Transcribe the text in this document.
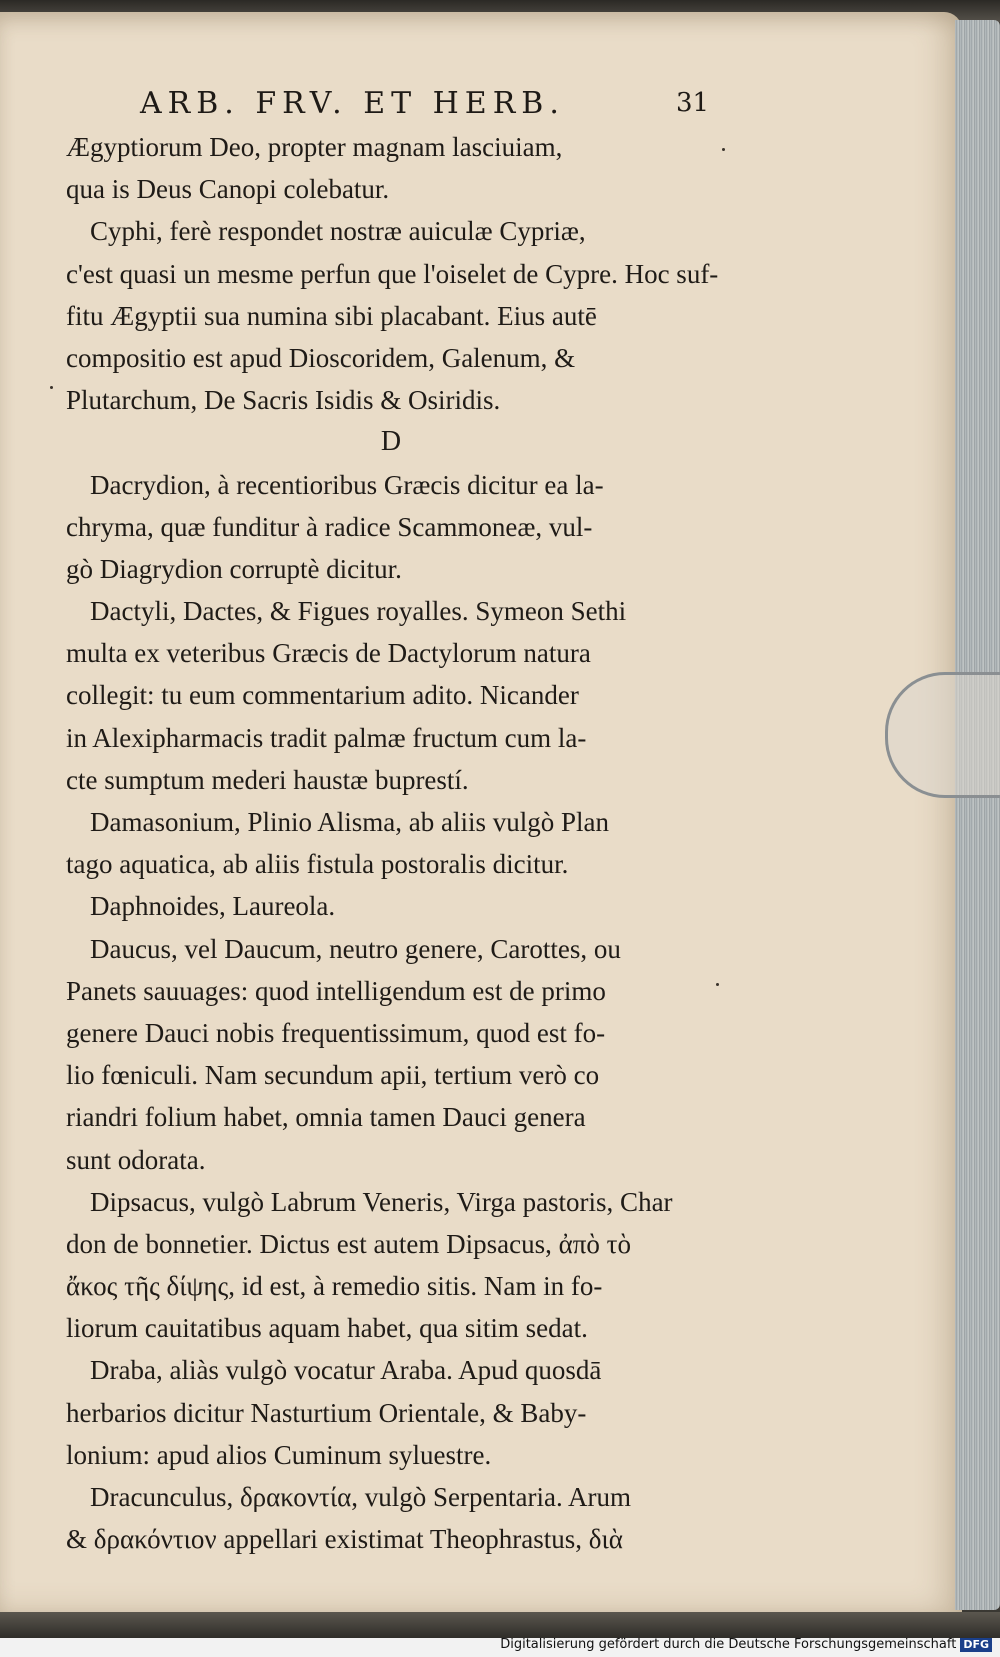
ARB. FRV. ET HERB.	31
Ægyptiorum Deo, propter magnam lasciuiam,
qua is Deus Canopi colebatur.
Cyphi, ferè respondet nostræ auiculæ Cypriæ,
c'est quasi un mesme perfun que l'oiselet de Cypre. Hoc suf-
fitu Ægyptii sua numina sibi placabant. Eius autē
compositio est apud Dioscoridem, Galenum, &
Plutarchum, De Sacris Isidis & Osiridis.
D
Dacrydion, à recentioribus Græcis dicitur ea la-
chryma, quæ funditur à radice Scammoneæ, vul-
gò Diagrydion corruptè dicitur.
Dactyli, Dactes, & Figues royalles. Symeon Sethi
multa ex veteribus Græcis de Dactylorum natura
collegit: tu eum commentarium adito. Nicander
in Alexipharmacis tradit palmæ fructum cum la-
cte sumptum mederi haustæ buprestí.
Damasonium, Plinio Alisma, ab aliis vulgò Plan
tago aquatica, ab aliis fistula postoralis dicitur.
Daphnoides, Laureola.
Daucus, vel Daucum, neutro genere, Carottes, ou
Panets sauuages: quod intelligendum est de primo
genere Dauci nobis frequentissimum, quod est fo-
lio fœniculi. Nam secundum apii, tertium verò co
riandri folium habet, omnia tamen Dauci genera
sunt odorata.
Dipsacus, vulgò Labrum Veneris, Virga pastoris, Char
don de bonnetier. Dictus est autem Dipsacus, ἀπὸ τὸ
ἄκος τῆς δίψης, id est, à remedio sitis. Nam in fo-
liorum cauitatibus aquam habet, qua sitim sedat.
Draba, aliàs vulgò vocatur Araba. Apud quosdā
herbarios dicitur Nasturtium Orientale, & Baby-
lonium: apud alios Cuminum syluestre.
Dracunculus, δρακοντία, vulgò Serpentaria. Arum
& δρακόντιον appellari existimat Theophrastus, διὰ
Digitalisierung gefördert durch die Deutsche Forschungsgemeinschaft DFG
